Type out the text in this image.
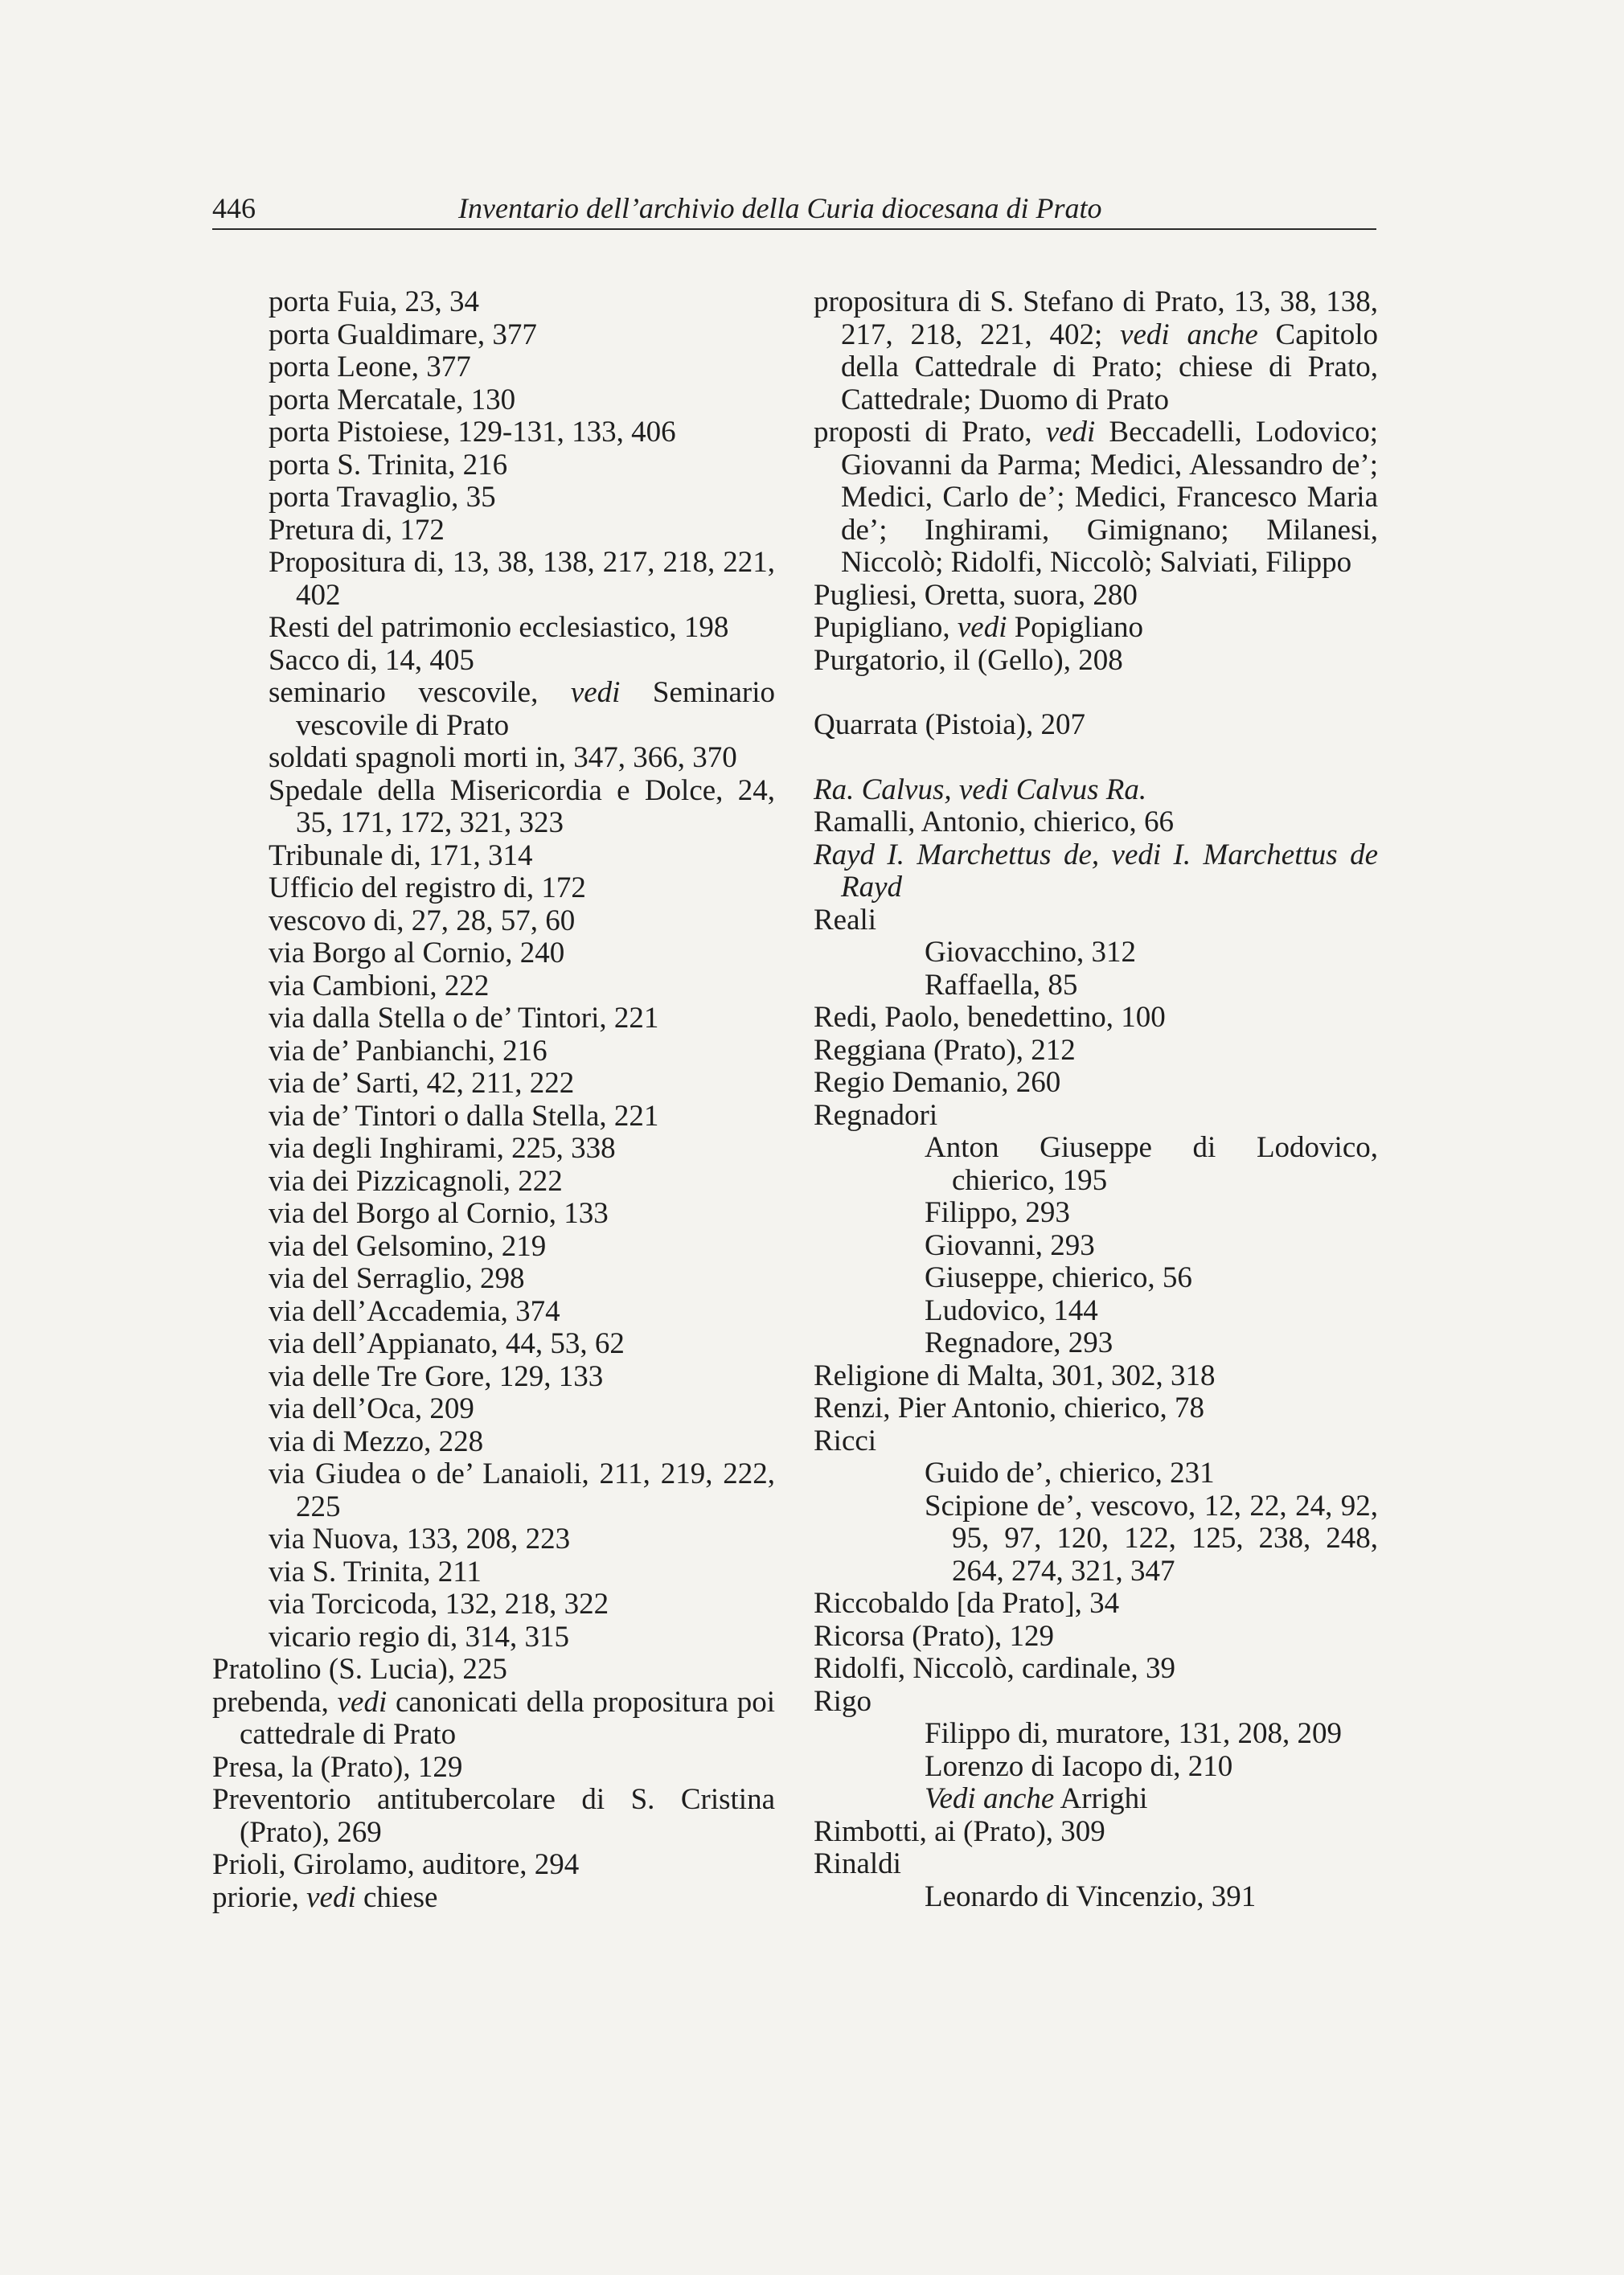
446	Inventario dell’archivio della Curia diocesana di Prato
porta Fuia, 23, 34
porta Gualdimare, 377
porta Leone, 377
porta Mercatale, 130
porta Pistoiese, 129-131, 133, 406
porta S. Trinita, 216
porta Travaglio, 35
Pretura di, 172
Propositura di, 13, 38, 138, 217, 218, 221, 402
Resti del patrimonio ecclesiastico, 198
Sacco di, 14, 405
seminario vescovile, vedi Seminario vescovile di Prato
soldati spagnoli morti in, 347, 366, 370
Spedale della Misericordia e Dolce, 24, 35, 171, 172, 321, 323
Tribunale di, 171, 314
Ufficio del registro di, 172
vescovo di, 27, 28, 57, 60
via Borgo al Cornio, 240
via Cambioni, 222
via dalla Stella o de’ Tintori, 221
via de’ Panbianchi, 216
via de’ Sarti, 42, 211, 222
via de’ Tintori o dalla Stella, 221
via degli Inghirami, 225, 338
via dei Pizzicagnoli, 222
via del Borgo al Cornio, 133
via del Gelsomino, 219
via del Serraglio, 298
via dell’Accademia, 374
via dell’Appianato, 44, 53, 62
via delle Tre Gore, 129, 133
via dell’Oca, 209
via di Mezzo, 228
via Giudea o de’ Lanaioli, 211, 219, 222, 225
via Nuova, 133, 208, 223
via S. Trinita, 211
via Torcicoda, 132, 218, 322
vicario regio di, 314, 315
Pratolino (S. Lucia), 225
prebenda, vedi canonicati della propositura poi cattedrale di Prato
Presa, la (Prato), 129
Preventorio antitubercolare di S. Cristina (Prato), 269
Prioli, Girolamo, auditore, 294
priorie, vedi chiese
propositura di S. Stefano di Prato, 13, 38, 138, 217, 218, 221, 402; vedi anche Capitolo della Cattedrale di Prato; chiese di Prato, Cattedrale; Duomo di Prato
proposti di Prato, vedi Beccadelli, Lodovico; Giovanni da Parma; Medici, Alessandro de’; Medici, Carlo de’; Medici, Francesco Maria de’; Inghirami, Gimignano; Milanesi, Niccolò; Ridolfi, Niccolò; Salviati, Filippo
Pugliesi, Oretta, suora, 280
Pupigliano, vedi Popigliano
Purgatorio, il (Gello), 208
Quarrata (Pistoia), 207
Ra. Calvus, vedi Calvus Ra.
Ramalli, Antonio, chierico, 66
Rayd I. Marchettus de, vedi I. Marchettus de Rayd
Reali
Giovacchino, 312
Raffaella, 85
Redi, Paolo, benedettino, 100
Reggiana (Prato), 212
Regio Demanio, 260
Regnadori
Anton Giuseppe di Lodovico, chierico, 195
Filippo, 293
Giovanni, 293
Giuseppe, chierico, 56
Ludovico, 144
Regnadore, 293
Religione di Malta, 301, 302, 318
Renzi, Pier Antonio, chierico, 78
Ricci
Guido de’, chierico, 231
Scipione de’, vescovo, 12, 22, 24, 92, 95, 97, 120, 122, 125, 238, 248, 264, 274, 321, 347
Riccobaldo [da Prato], 34
Ricorsa (Prato), 129
Ridolfi, Niccolò, cardinale, 39
Rigo
Filippo di, muratore, 131, 208, 209
Lorenzo di Iacopo di, 210
Vedi anche Arrighi
Rimbotti, ai (Prato), 309
Rinaldi
Leonardo di Vincenzio, 391
